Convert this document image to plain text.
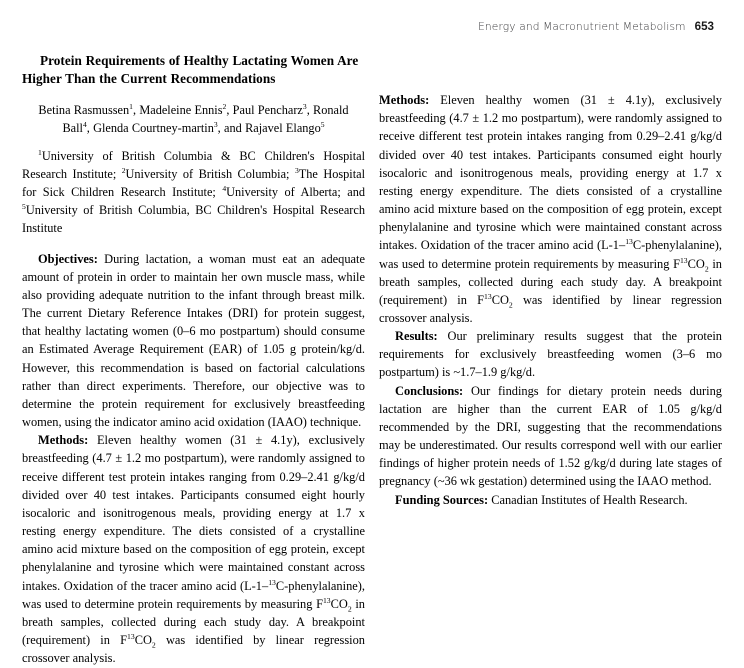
Energy and Macronutrient Metabolism 653
Protein Requirements of Healthy Lactating Women Are Higher Than the Current Recommendations
Betina Rasmussen$^1$, Madeleine Ennis$^2$, Paul Pencharz$^3$, Ronald Ball$^4$, Glenda Courtney-martin$^3$, and Rajavel Elango$^5$
$^1$University of British Columbia & BC Children's Hospital Research Institute; $^2$University of British Columbia; $^3$The Hospital for Sick Children Research Institute; $^4$University of Alberta; and $^5$University of British Columbia, BC Children's Hospital Research Institute

Objectives: During lactation, a woman must eat an adequate amount of protein in order to maintain her own muscle mass, while also providing adequate nutrition to the infant through breast milk. The current Dietary Reference Intakes (DRI) for protein suggest, that healthy lactating women (0–6 mo postpartum) should consume an Estimated Average Requirement (EAR) of 1.05 g protein/kg/d. However, this recommendation is based on factorial calculations rather than direct experiments. Therefore, our objective was to determine the protein requirement for exclusively breastfeeding women, using the indicator amino acid oxidation (IAAO) technique.

Methods: Eleven healthy women (31 ± 4.1y), exclusively breastfeeding (4.7 ± 1.2 mo postpartum), were randomly assigned to receive different test protein intakes ranging from 0.29–2.41 g/kg/d divided over 40 test intakes. Participants consumed eight hourly isocaloric and isonitrogenous meals, providing energy at 1.7 x resting energy expenditure. The diets consisted of a crystalline amino acid mixture based on the composition of egg protein, except phenylalanine and tyrosine which were maintained constant across intakes. Oxidation of the tracer amino acid (L-1–$^{13}$C-phenylalanine), was used to determine protein requirements by measuring $F^{13}CO_2$ in breath samples, collected during each study day. A breakpoint (requirement) in $F^{13}CO_2$ was identified by linear regression crossover analysis.

Methods: Eleven healthy women (31 ± 4.1y), exclusively breastfeeding (4.7 ± 1.2 mo postpartum), were randomly assigned to receive different test protein intakes ranging from 0.29–2.41 g/kg/d divided over 40 test intakes. Participants consumed eight hourly isocaloric and isonitrogenous meals, providing energy at 1.7 x resting energy expenditure. The diets consisted of a crystalline amino acid mixture based on the composition of egg protein, except phenylalanine and tyrosine which were maintained constant across intakes. Oxidation of the tracer amino acid (L-1–$^{13}$C-phenylalanine), was used to determine protein requirements by measuring $F^{13}CO_2$ in breath samples, collected during each study day. A breakpoint (requirement) in $F^{13}CO_2$ was identified by linear regression crossover analysis.

Results: Our preliminary results suggest that the protein requirements for exclusively breastfeeding women (3–6 mo postpartum) is ~1.7–1.9 g/kg/d.

Conclusions: Our findings for dietary protein needs during lactation are higher than the current EAR of 1.05 g/kg/d recommended by the DRI, suggesting that the recommendations may be underestimated. Our results correspond well with our earlier findings of higher protein needs of 1.52 g/kg/d during late stages of pregnancy (~36 wk gestation) determined using the IAAO method.

Funding Sources: Canadian Institutes of Health Research.
